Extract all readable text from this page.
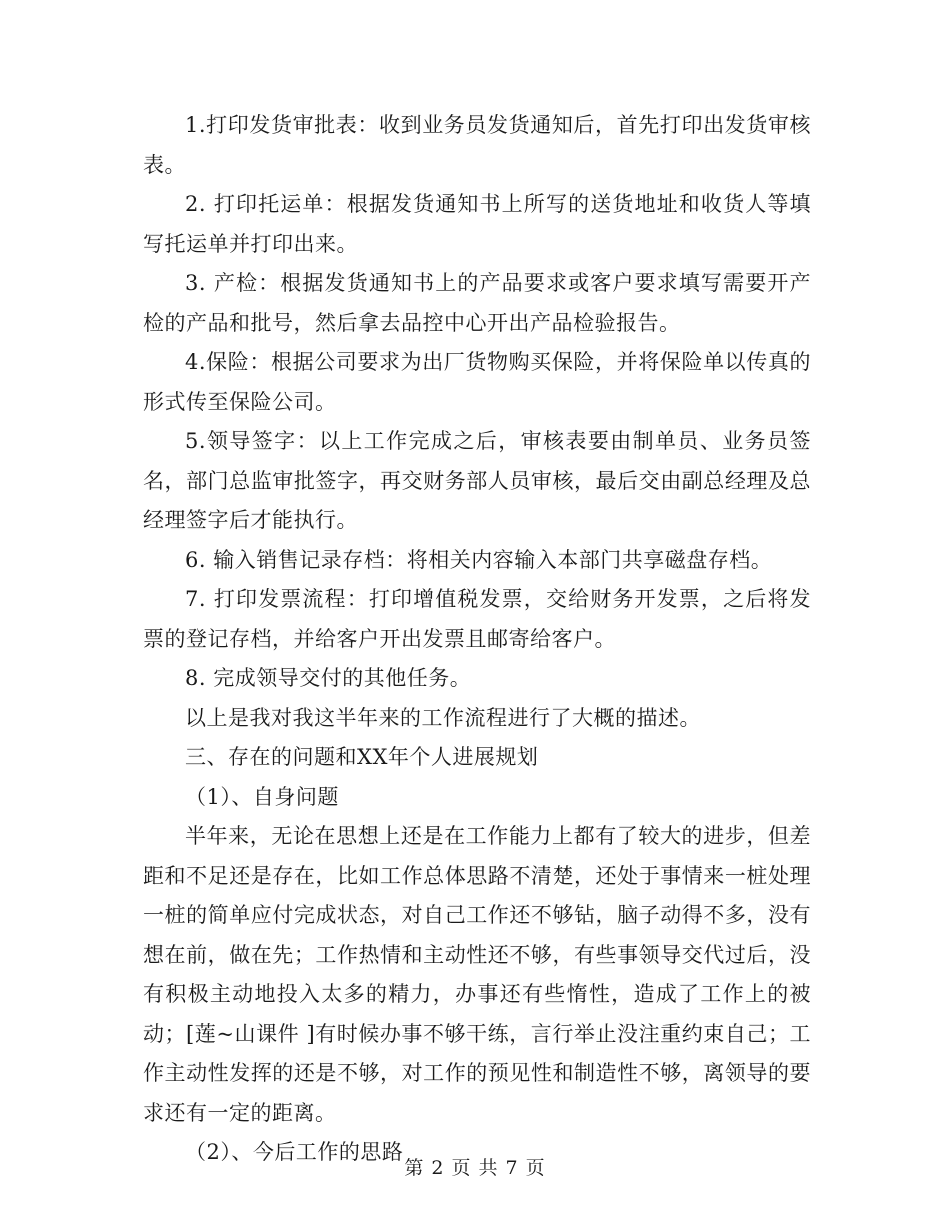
1.打印发货审批表：收到业务员发货通知后，首先打印出发货审核表。

2. 打印托运单：根据发货通知书上所写的送货地址和收货人等填写托运单并打印出来。

3. 产检：根据发货通知书上的产品要求或客户要求填写需要开产检的产品和批号，然后拿去品控中心开出产品检验报告。

4.保险：根据公司要求为出厂货物购买保险，并将保险单以传真的形式传至保险公司。

5.领导签字：以上工作完成之后，审核表要由制单员、业务员签名，部门总监审批签字，再交财务部人员审核，最后交由副总经理及总经理签字后才能执行。

6. 输入销售记录存档：将相关内容输入本部门共享磁盘存档。

7. 打印发票流程：打印增值税发票，交给财务开发票，之后将发票的登记存档，并给客户开出发票且邮寄给客户。

8. 完成领导交付的其他任务。

以上是我对我这半年来的工作流程进行了大概的描述。

三、存在的问题和XX年个人进展规划

（1）、自身问题

半年来，无论在思想上还是在工作能力上都有了较大的进步，但差距和不足还是存在，比如工作总体思路不清楚，还处于事情来一桩处理一桩的简单应付完成状态，对自己工作还不够钻，脑子动得不多，没有想在前，做在先；工作热情和主动性还不够，有些事领导交代过后，没有积极主动地投入太多的精力，办事还有些惰性，造成了工作上的被动；[莲~山课件 ]有时候办事不够干练，言行举止没注重约束自己；工作主动性发挥的还是不够，对工作的预见性和制造性不够，离领导的要求还有一定的距离。

（2）、今后工作的思路

第 2 页 共 7 页
